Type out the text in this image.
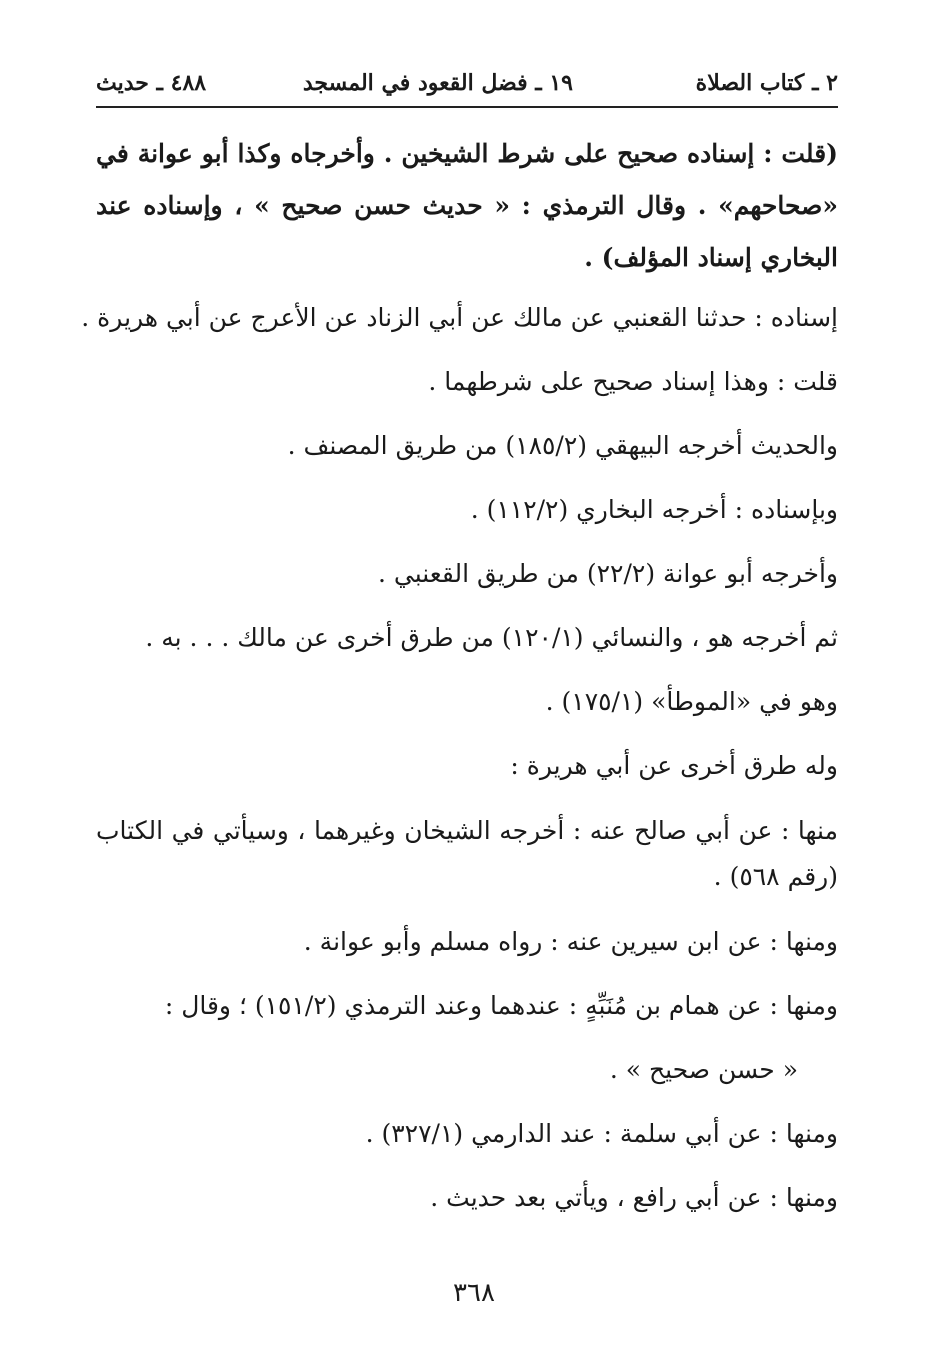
٢ ـ كتاب الصلاة
١٩ ـ فضل القعود في المسجد
٤٨٨ ـ حديث
(قلت : إسناده صحيح على شرط الشيخين . وأخرجاه وكذا أبو عوانة في «صحاحهم» . وقال الترمذي : « حديث حسن صحيح » ، وإسناده عند البخاري إسناد المؤلف) .
إسناده : حدثنا القعنبي عن مالك عن أبي الزناد عن الأعرج عن أبي هريرة .
قلت : وهذا إسناد صحيح على شرطهما .
والحديث أخرجه البيهقي (١٨٥/٢) من طريق المصنف .
وبإسناده : أخرجه البخاري (١١٢/٢) .
وأخرجه أبو عوانة (٢٢/٢) من طريق القعنبي .
ثم أخرجه هو ، والنسائي (١٢٠/١) من طرق أخرى عن مالك . . . به .
وهو في «الموطأ» (١٧٥/١) .
وله طرق أخرى عن أبي هريرة :
منها : عن أبي صالح عنه : أخرجه الشيخان وغيرهما ، وسيأتي في الكتاب (رقم ٥٦٨) .
ومنها : عن ابن سيرين عنه : رواه مسلم وأبو عوانة .
ومنها : عن همام بن مُنَبِّهٍ : عندهما وعند الترمذي (١٥١/٢) ؛ وقال :
« حسن صحيح » .
ومنها : عن أبي سلمة : عند الدارمي (٣٢٧/١) .
ومنها : عن أبي رافع ، ويأتي بعد حديث .
٣٦٨
